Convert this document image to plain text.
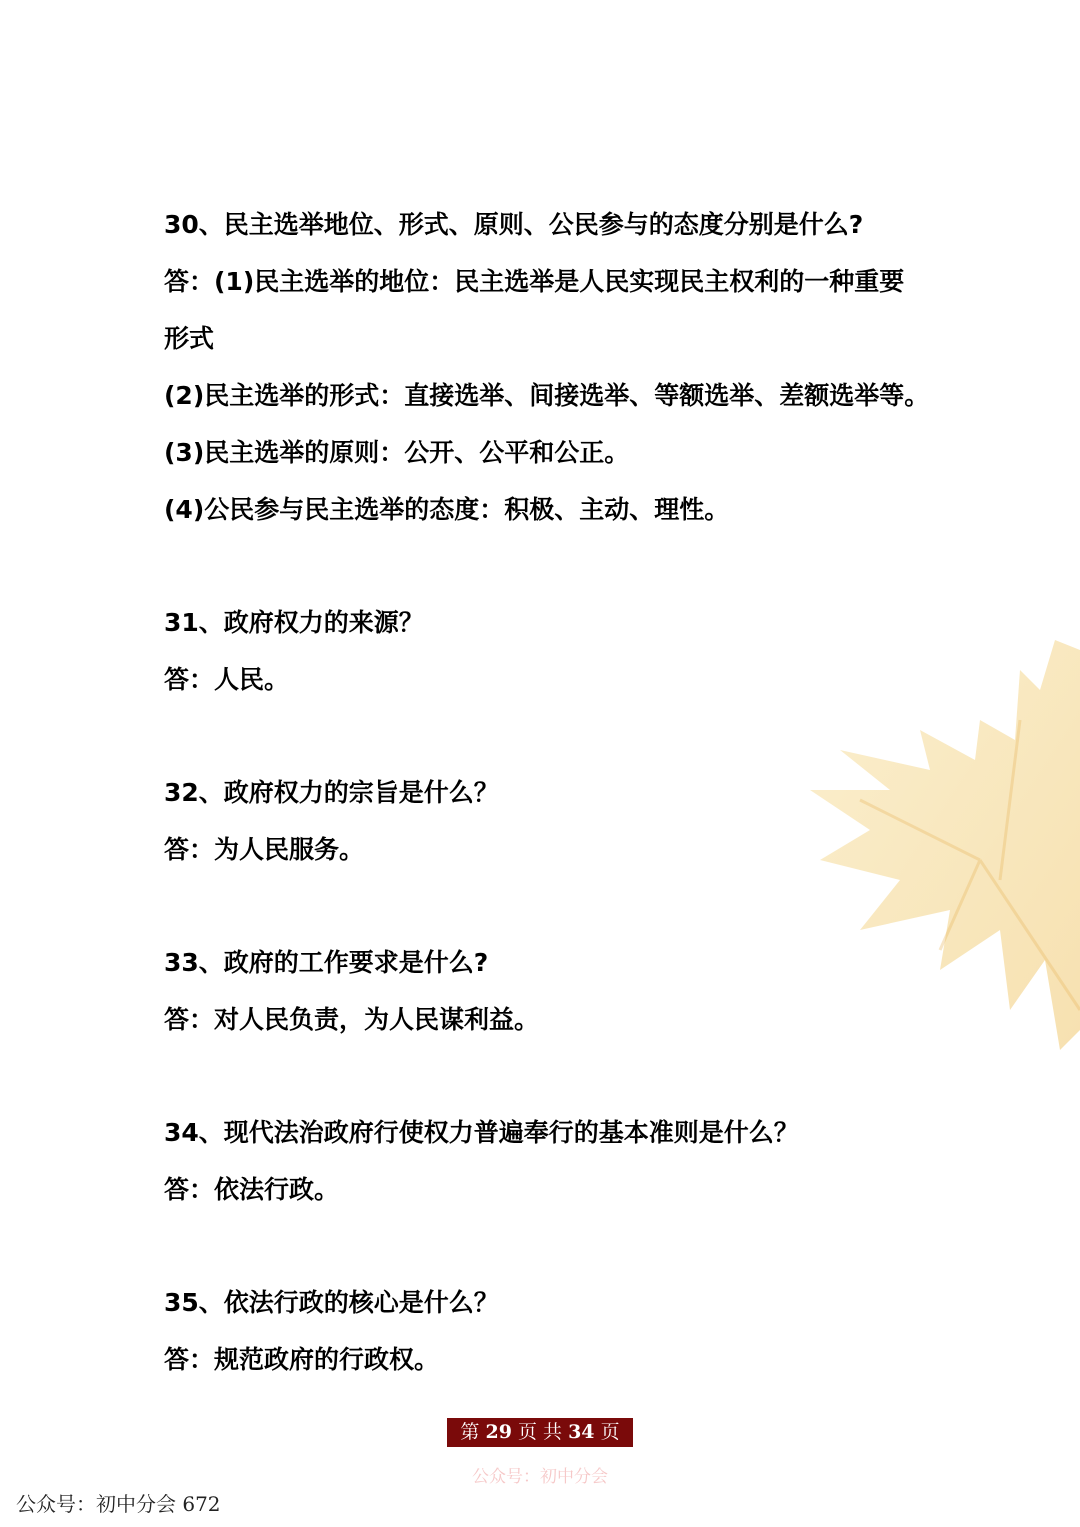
30、民主选举地位、形式、原则、公民参与的态度分别是什么?
答：(1)民主选举的地位：民主选举是人民实现民主权利的一种重要
形式
(2)民主选举的形式：直接选举、间接选举、等额选举、差额选举等。
(3)民主选举的原则：公开、公平和公正。
(4)公民参与民主选举的态度：积极、主动、理性。
31、政府权力的来源？
答：人民。
32、政府权力的宗旨是什么？
答：为人民服务。
33、政府的工作要求是什么?
答：对人民负责，为人民谋利益。
34、现代法治政府行使权力普遍奉行的基本准则是什么？
答：依法行政。
35、依法行政的核心是什么？
答：规范政府的行政权。
第 29 页 共 34 页
公众号：初中分会
公众号：初中分会 672
